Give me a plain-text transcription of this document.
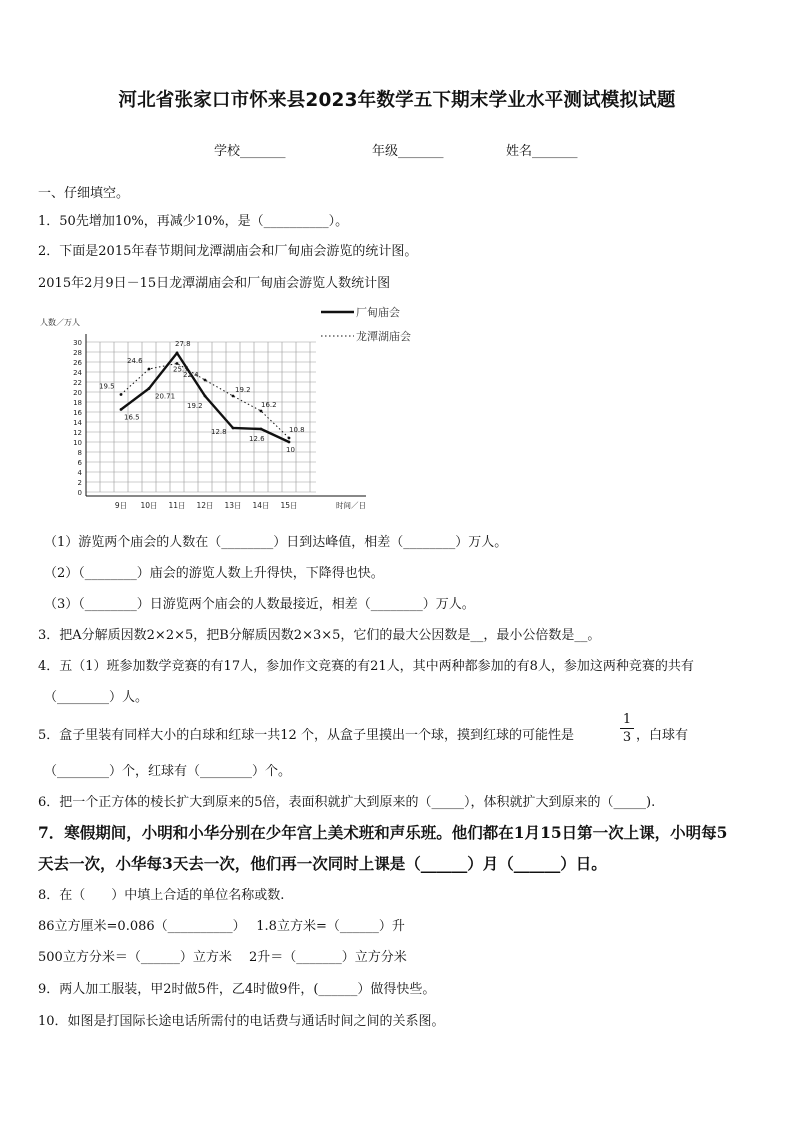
河北省张家口市怀来县2023年数学五下期末学业水平测试模拟试题
学校_______	年级_______	姓名_______
一、仔细填空。
1．50先增加10%，再减少10%，是（__________）。
2．下面是2015年春节期间龙潭湖庙会和厂甸庙会游览的统计图。
2015年2月9日－15日龙潭湖庙会和厂甸庙会游览人数统计图
30
28
26
24
22
20
18
16
14
12
10
8
6
4
2
0
9日 10日 11日 12日 13日 14日 15日
16.5
20.71
27.8
19.2
12.8
12.6
10
19.5
24.6
25.7
22.4
19.2
16.2
10.8
厂甸庙会
龙潭湖庙会
人数／万人
时间／日
（1）游览两个庙会的人数在（________）日到达峰值，相差（________）万人。
（2）（________）庙会的游览人数上升得快，下降得也快。
（3）（________）日游览两个庙会的人数最接近，相差（________）万人。
3．把A分解质因数2×2×5，把B分解质因数2×3×5，它们的最大公因数是__，最小公倍数是__。
4．五（1）班参加数学竞赛的有17人，参加作文竞赛的有21人，其中两种都参加的有8人，参加这两种竞赛的共有
（________）人。
5．盒子里装有同样大小的白球和红球一共12 个，从盒子里摸出一个球，摸到红球的可能性是
1
3 ，白球有
（________）个，红球有（________）个。
6．把一个正方体的棱长扩大到原来的5倍，表面积就扩大到原来的（_____），体积就扩大到原来的（_____).
7．寒假期间，小明和小华分别在少年宫上美术班和声乐班。他们都在1月15日第一次上课，小明每5
天去一次，小华每3天去一次，他们再一次同时上课是（______）月（______）日。
8．在（　　）中填上合适的单位名称或数.
86立方厘米=0.086（__________）　 1.8立方米=（______）升
500立方分米＝（______）立方米　 2升＝（_______）立方分米
9．两人加工服装，甲2时做5件，乙4时做9件，(______）做得快些。
10．如图是打国际长途电话所需付的电话费与通话时间之间的关系图。
